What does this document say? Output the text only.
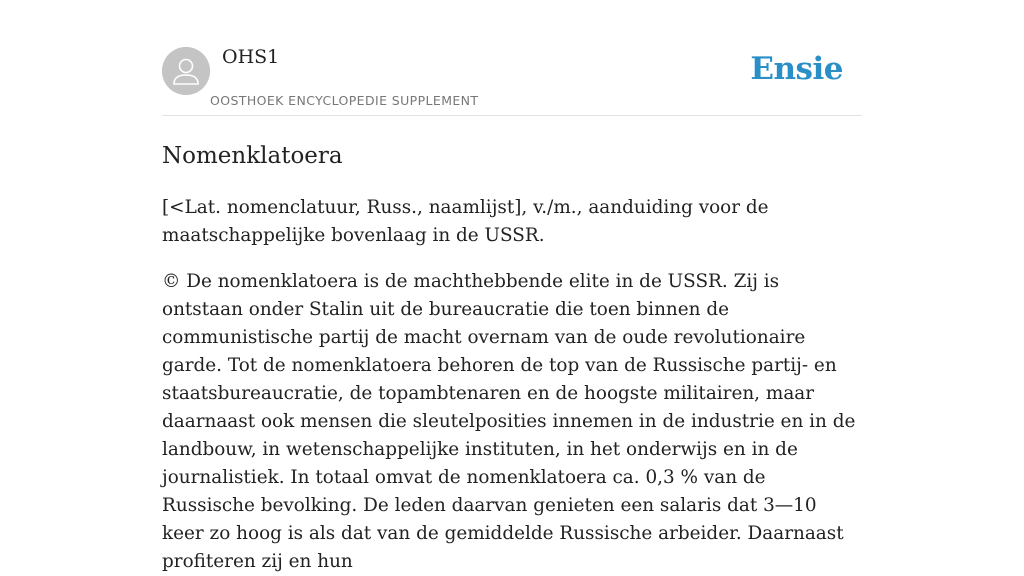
OHS1
OOSTHOEK ENCYCLOPEDIE SUPPLEMENT
Ensie
Nomenklatoera

[<Lat. nomenclatuur, Russ., naamlijst], v./m., aanduiding voor de maatschappelijke bovenlaag in de USSR.

© De nomenklatoera is de machthebbende elite in de USSR. Zij is ontstaan onder Stalin uit de bureaucratie die toen binnen de communistische partij de macht overnam van de oude revolutionaire garde. Tot de nomenklatoera behoren de top van de Russische partij- en staatsbureaucratie, de topambtenaren en de hoogste militairen, maar daarnaast ook mensen die sleutelposities innemen in de industrie en in de landbouw, in wetenschappelijke instituten, in het onderwijs en in de journalistiek. In totaal omvat de nomenklatoera ca. 0,3 % van de Russische bevolking. De leden daarvan genieten een salaris dat 3—10 keer zo hoog is als dat van de gemiddelde Russische arbeider. Daarnaast profiteren zij en hun
